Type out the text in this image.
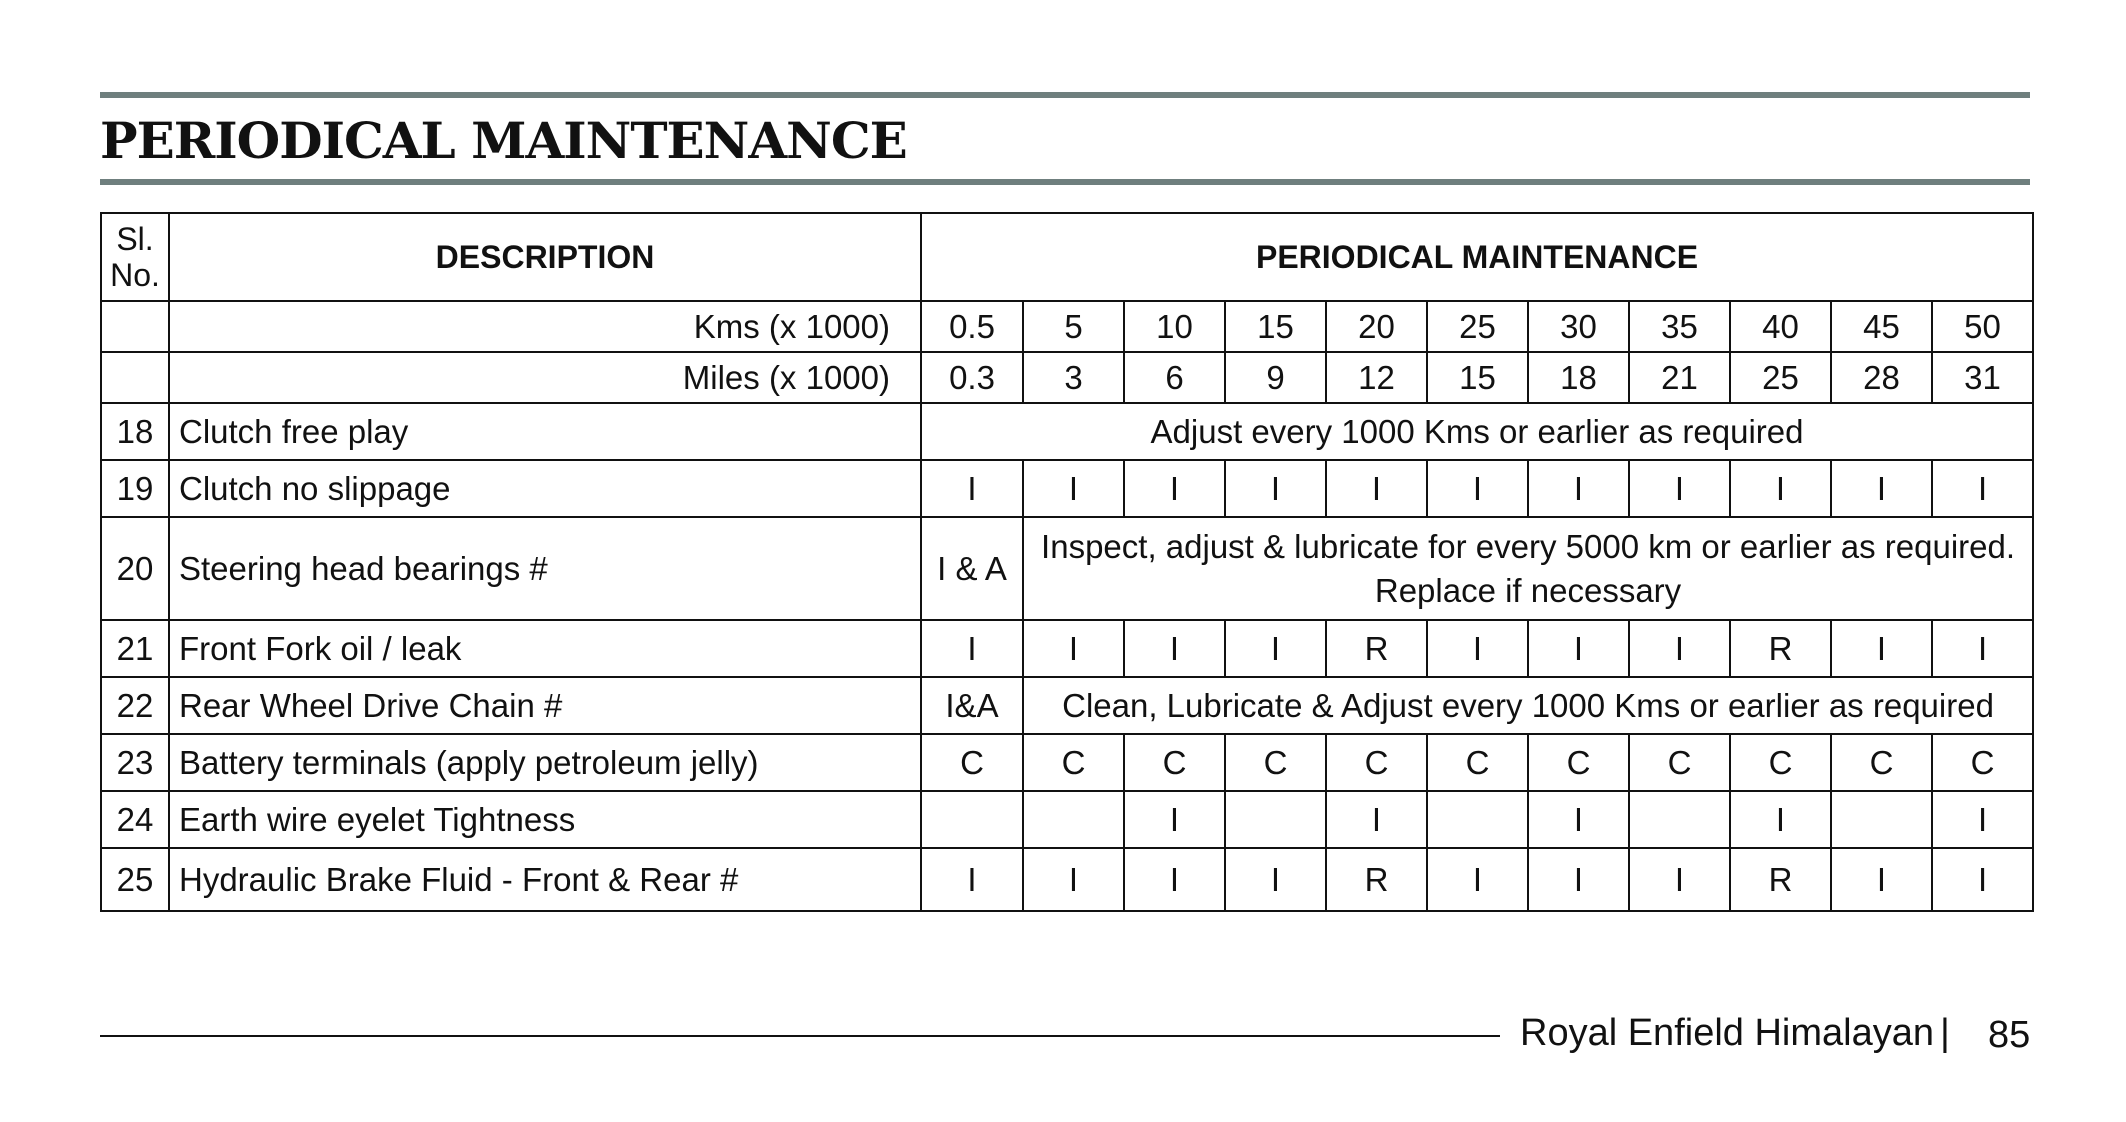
PERIODICAL MAINTENANCE
Sl.
No.	DESCRIPTION	PERIODICAL MAINTENANCE										
	Kms (x 1000)	0.5	5	10	15	20	25	30	35	40	45	50
	Miles (x 1000)	0.3	3	6	9	12	15	18	21	25	28	31
18	Clutch free play	Adjust every 1000 Kms or earlier as required										
19	Clutch no slippage	I	I	I	I	I	I	I	I	I	I	I
20	Steering head bearings #	I & A	Inspect, adjust & lubricate for every 5000 km or earlier as required. Replace if necessary									
21	Front Fork oil / leak	I	I	I	I	R	I	I	I	R	I	I
22	Rear Wheel Drive Chain #	I&A	Clean, Lubricate & Adjust every 1000 Kms or earlier as required									
23	Battery terminals (apply petroleum jelly)	C	C	C	C	C	C	C	C	C	C	C
24	Earth wire eyelet Tightness			I		I		I		I		I
25	Hydraulic Brake Fluid - Front & Rear #	I	I	I	I	R	I	I	I	R	I	I
Royal Enfield Himalayan | 85
